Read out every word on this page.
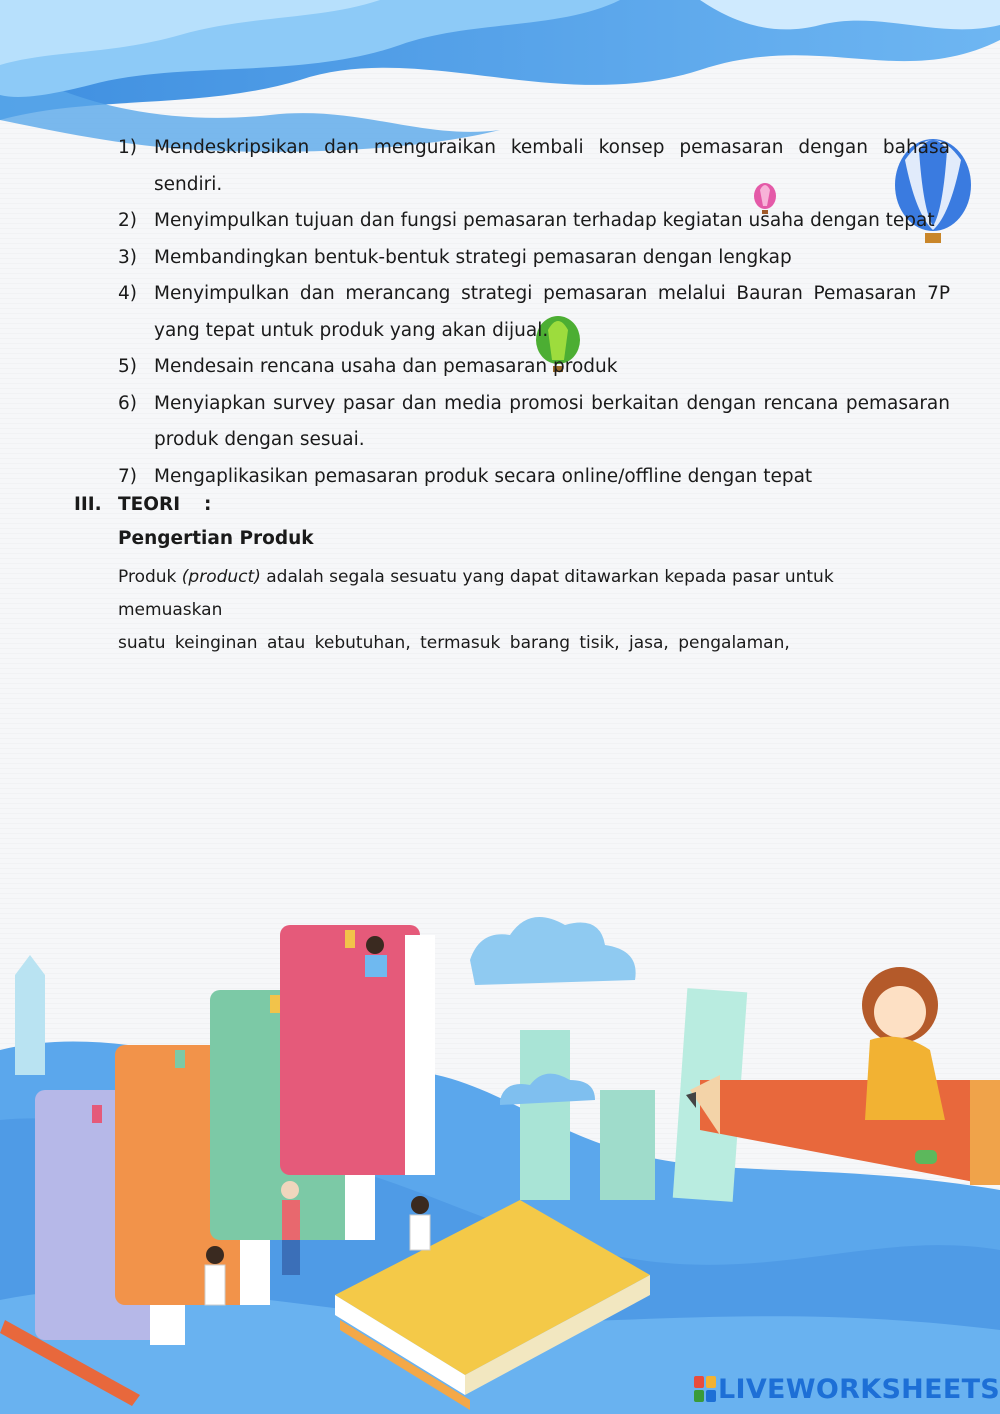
1) Mendeskripsikan dan menguraikan kembali konsep pemasaran dengan bahasa sendiri.
2) Menyimpulkan tujuan dan fungsi pemasaran terhadap kegiatan usaha dengan tepat
3) Membandingkan bentuk-bentuk strategi pemasaran dengan lengkap
4) Menyimpulkan dan merancang strategi pemasaran melalui Bauran Pemasaran 7P yang tepat untuk produk yang akan dijual.
5) Mendesain rencana usaha dan pemasaran produk
6) Menyiapkan survey pasar dan media promosi berkaitan dengan rencana pemasaran produk dengan sesuai.
7) Mengaplikasikan pemasaran produk secara online/offline dengan tepat
III. TEORI :
Pengertian Produk
Produk (product) adalah segala sesuatu yang dapat ditawarkan kepada pasar untuk memuaskan
suatu keinginan atau kebutuhan, termasuk barang tisik, jasa, pengalaman,
LIVEWORKSHEETS
